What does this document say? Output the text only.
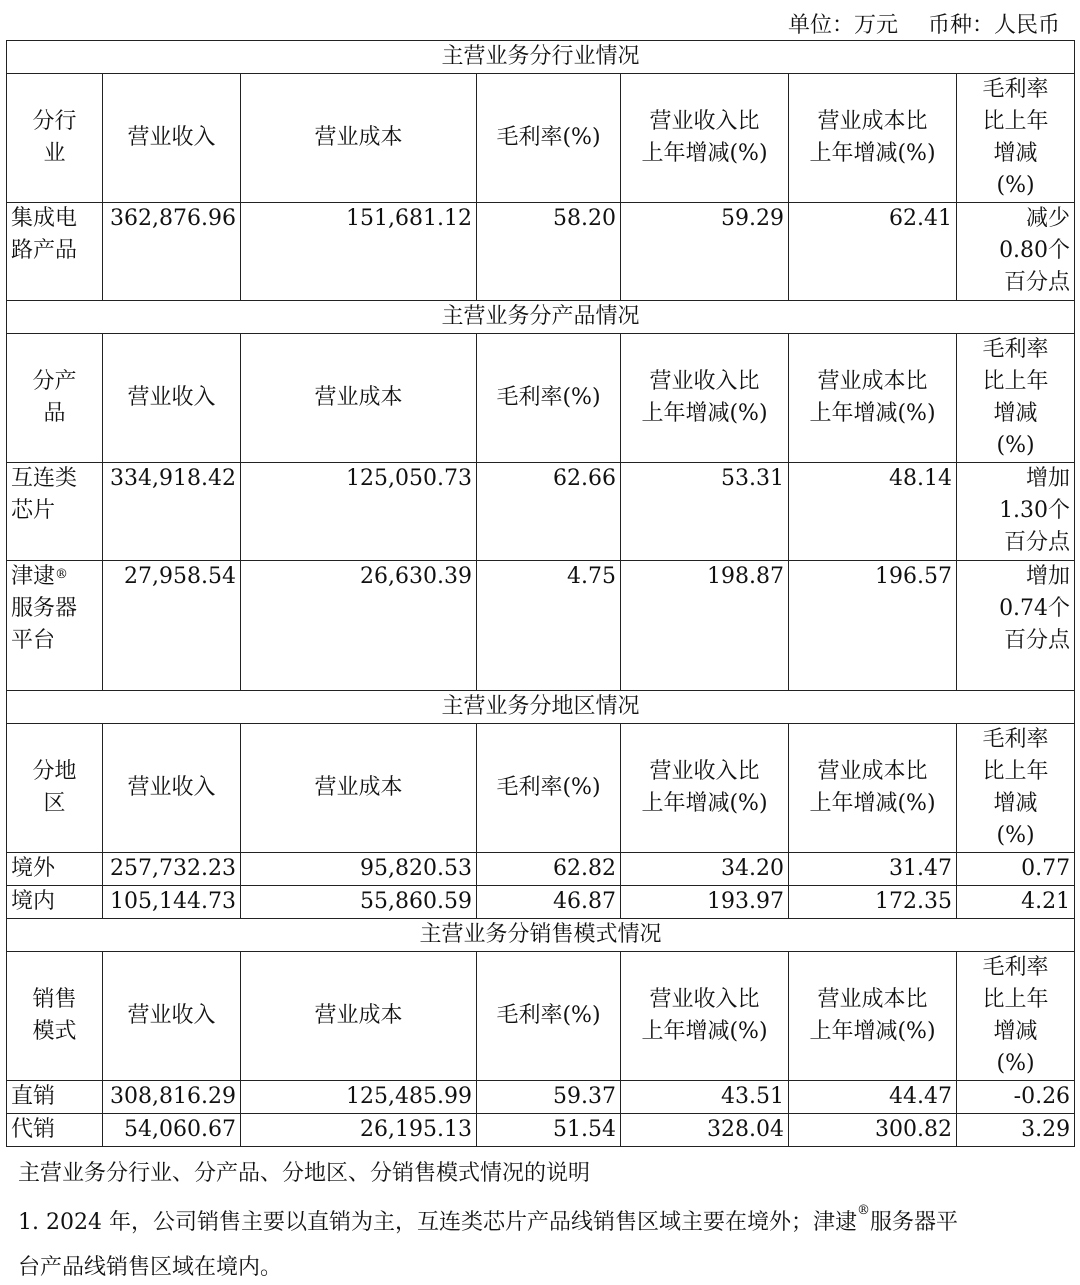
单位：万元 币种：人民币
主营业务分行业情况						
分行业	营业收入	营业成本	毛利率(%)	营业收入比上年增减(%)	营业成本比上年增减(%)	毛利率比上年增减(%)
集成电路产品	362,876.96	151,681.12	58.20	59.29	62.41	减少0.80个百分点
主营业务分产品情况						
分产品	营业收入	营业成本	毛利率(%)	营业收入比上年增减(%)	营业成本比上年增减(%)	毛利率比上年增减(%)
互连类芯片	334,918.42	125,050.73	62.66	53.31	48.14	增加1.30个百分点
津逮®服务器平台	27,958.54	26,630.39	4.75	198.87	196.57	增加0.74个百分点
主营业务分地区情况						
分地区	营业收入	营业成本	毛利率(%)	营业收入比上年增减(%)	营业成本比上年增减(%)	毛利率比上年增减(%)
境外	257,732.23	95,820.53	62.82	34.20	31.47	0.77
境内	105,144.73	55,860.59	46.87	193.97	172.35	4.21
主营业务分销售模式情况						
销售模式	营业收入	营业成本	毛利率(%)	营业收入比上年增减(%)	营业成本比上年增减(%)	毛利率比上年增减(%)
直销	308,816.29	125,485.99	59.37	43.51	44.47	-0.26
代销	54,060.67	26,195.13	51.54	328.04	300.82	3.29
主营业务分行业、分产品、分地区、分销售模式情况的说明
1. 2024 年，公司销售主要以直销为主，互连类芯片产品线销售区域主要在境外；津逮®服务器平
台产品线销售区域在境内。
